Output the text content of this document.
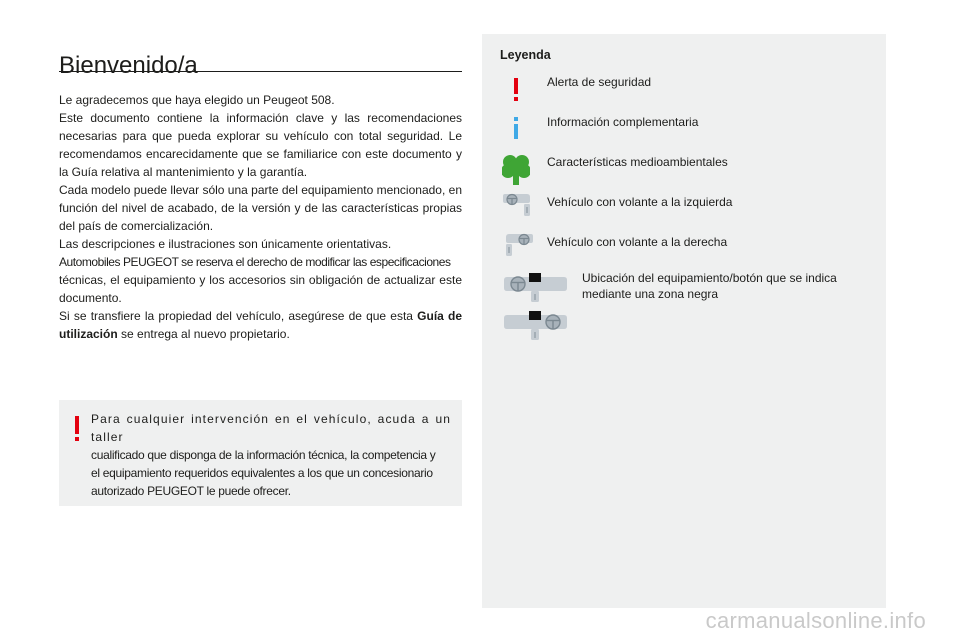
Bienvenido/a

Le agradecemos que haya elegido un Peugeot 508.

Este documento contiene la información clave y las recomendaciones necesarias para que pueda explorar su vehículo con total seguridad. Le recomendamos encarecidamente que se familiarice con este documento y la Guía relativa al mantenimiento y la garantía.

Cada modelo puede llevar sólo una parte del equipamiento mencionado, en función del nivel de acabado, de la versión y de las características propias del país de comercialización.

Las descripciones e ilustraciones son únicamente orientativas.

Automobiles PEUGEOT se reserva el derecho de modificar las especificaciones

técnicas, el equipamiento y los accesorios sin obligación de actualizar este documento.

Si se transfiere la propiedad del vehículo, asegúrese de que esta Guía de utilización se entrega al nuevo propietario.

Para cualquier intervención en el vehículo, acuda a un taller

cualificado que disponga de la información técnica, la competencia y

el equipamiento requeridos equivalentes a los que un concesionario

autorizado PEUGEOT le puede ofrecer.

Leyenda
Alerta de seguridad
Información complementaria
Características medioambientales
Vehículo con volante a la izquierda
Vehículo con volante a la derecha
Ubicación del equipamiento/botón que se indica mediante una zona negra
carmanualsonline.info
